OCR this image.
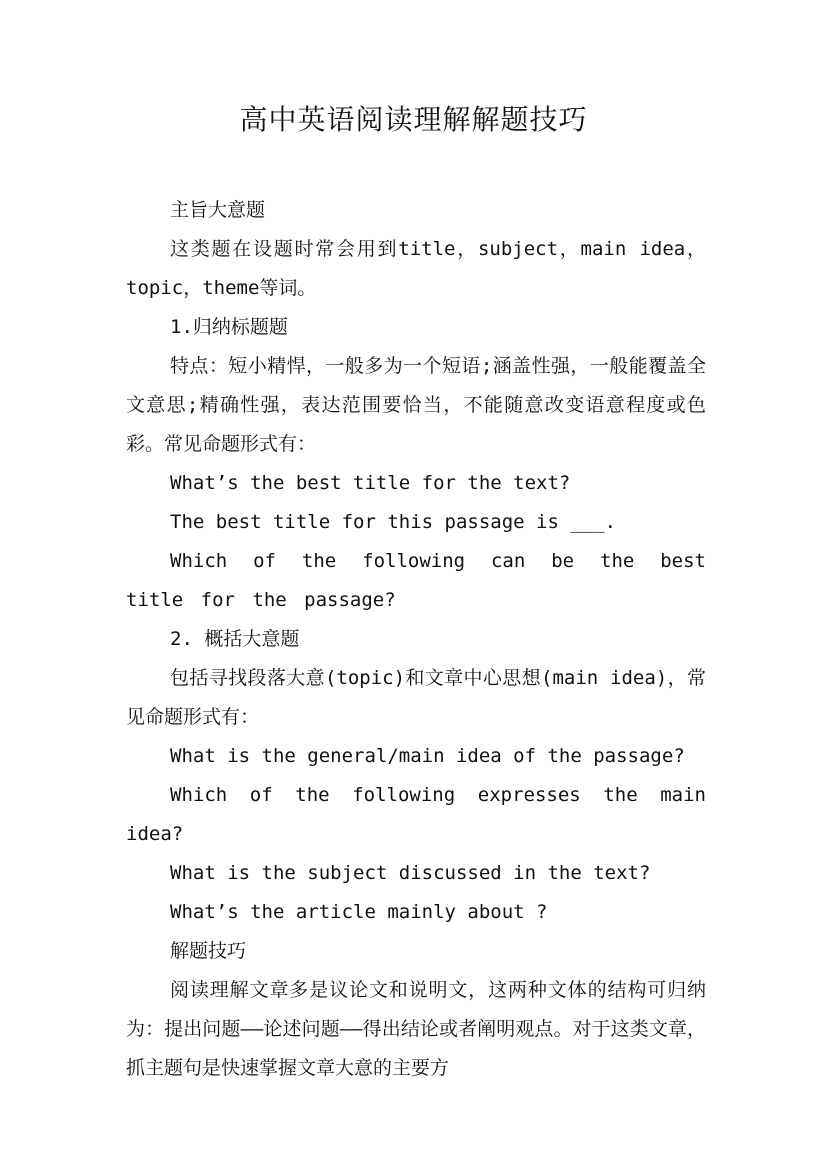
高中英语阅读理解解题技巧

主旨大意题

这类题在设题时常会用到title，subject，main idea，topic，theme等词。

1.归纳标题题

特点：短小精悍，一般多为一个短语;涵盖性强，一般能覆盖全文意思;精确性强，表达范围要恰当，不能随意改变语意程度或色彩。常见命题形式有：

What’s the best title for the text?

The best title for this passage is ___.

Which of the following can be the best title for the passage?

2. 概括大意题

包括寻找段落大意(topic)和文章中心思想(main idea)，常见命题形式有：

What is the general/main idea of the passage?

Which of the following expresses the main idea?

What is the subject discussed in the text?

What’s the article mainly about ?

解题技巧

阅读理解文章多是议论文和说明文，这两种文体的结构可归纳为：提出问题——论述问题——得出结论或者阐明观点。对于这类文章，抓主题句是快速掌握文章大意的主要方
